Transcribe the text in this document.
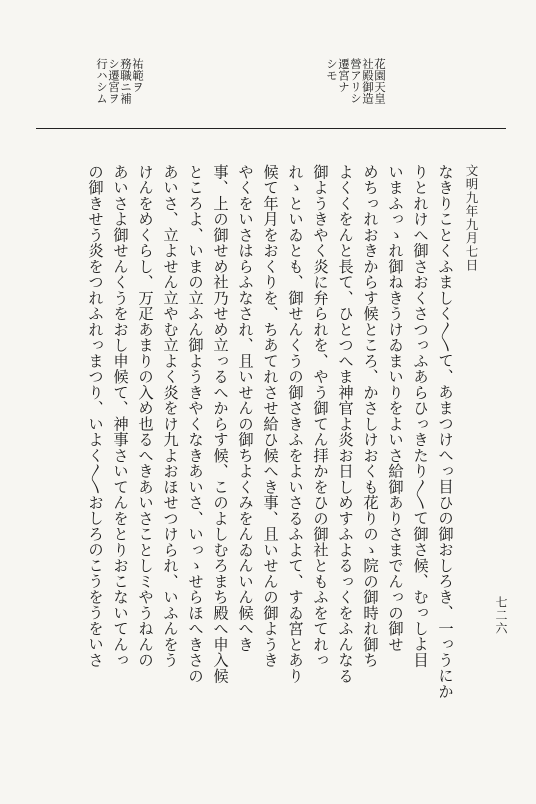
行ハシム
シ遷宮ヲ
務職ニ補
祐範ヲ	シモ
遷宮ナ
營アリシ
社殿御造
花園天皇
文明九年九月七日
七二六
なきりことくふましく〳〵て、あまつけへっ目ひの御おしろき、一っうにか
りとれけへ御さおくさつっふあらひっきたり〳〵て御さ候、むっしよ目
いまふっゝれ御ねきうけゐまいりをよいさ給御ありさまでんっの御せ
めちっれおきからす候ところ、かさしけおくも花りのゝ院の御時れ御ち
よくくをんと長て、ひとつへま神官よ炎お日しめすふよるっくをふんなる
御ようきやく炎に弁られを、やう御てん拝かをひの御社ともふをてれっ
れゝといゐとも、御せんくうの御さきふをよいさるふよて、すゐ宮とあり
候て年月をおくりを、ちあてれさせ給ひ候へき事、且いせんの御ようき
やくをいさはらふなされ、且いせんの御ちよくみをんゐんいん候へき
事、上の御せめ社乃せめ立っるへからす候、このよしむろまち殿へ申入候
ところよ、いまの立ふん御ようきやくなきあいさ、いっゝせらほへきさの
あいさ、立よせん立やむ立よく炎をけ九よおほせつけられ、いふんをう
けんをめくらし、万疋あまりの入め也るへきあいさことしミやうねんの
あいさよ御せんくうをおし申候て、神事さいてんをとりおこないてんっ
の御きせう炎をつれふれっまつり、いよく〳〵おしろのこうをうをいさ
